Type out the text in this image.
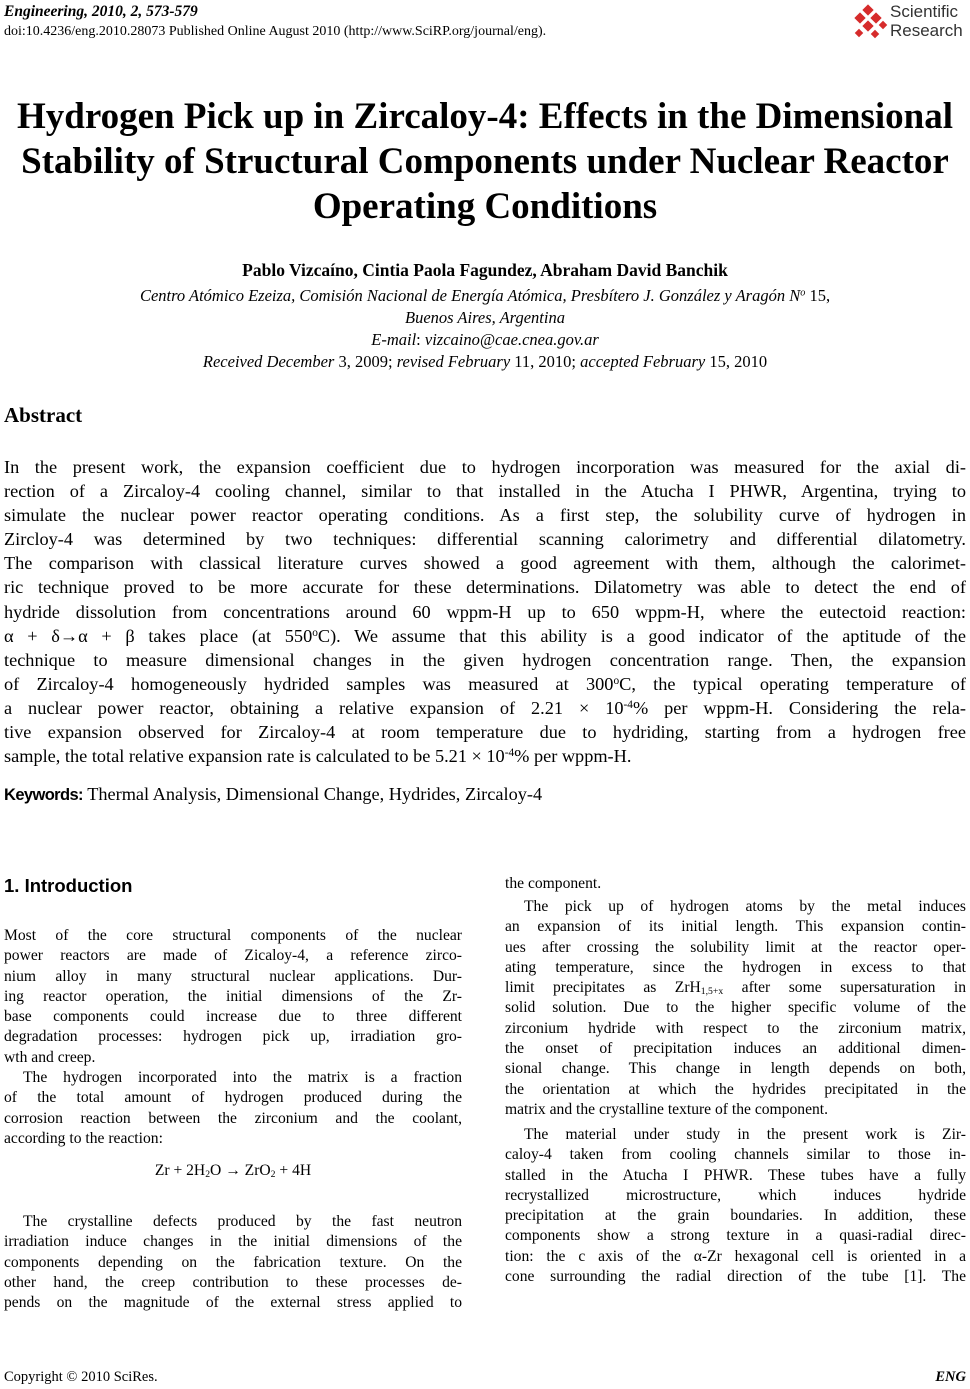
Engineering, 2010, 2, 573-579
doi:10.4236/eng.2010.28073 Published Online August 2010 (http://www.SciRP.org/journal/eng).
Scientific
Research
Hydrogen Pick up in Zircaloy-4: Effects in the Dimensional
Stability of Structural Components under Nuclear Reactor
Operating Conditions
Pablo Vizcaíno, Cintia Paola Fagundez, Abraham David Banchik
Centro Atómico Ezeiza, Comisión Nacional de Energía Atómica, Presbítero J. González y Aragón $N^o$ 15,
Buenos Aires, Argentina
E-mail: vizcaino@cae.cnea.gov.ar
Received December 3, 2009; revised February 11, 2010; accepted February 15, 2010
Abstract
In the present work, the expansion coefficient due to hydrogen incorporation was measured for the axial di-
rection of a Zircaloy-4 cooling channel, similar to that installed in the Atucha I PHWR, Argentina, trying to
simulate the nuclear power reactor operating conditions. As a first step, the solubility curve of hydrogen in
Zircloy-4 was determined by two techniques: differential scanning calorimetry and differential dilatometry.
The comparison with classical literature curves showed a good agreement with them, although the calorimet-
ric technique proved to be more accurate for these determinations. Dilatometry was able to detect the end of
hydride dissolution from concentrations around 60 wppm-H up to 650 wppm-H, where the eutectoid reaction:
α + δ→α + β takes place (at 550$^o$C). We assume that this ability is a good indicator of the aptitude of the
technique to measure dimensional changes in the given hydrogen concentration range. Then, the expansion
of Zircaloy-4 homogeneously hydrided samples was measured at 300$^o$C, the typical operating temperature of
a nuclear power reactor, obtaining a relative expansion of $2.21 \times 10^{-4}\%$ per wppm-H. Considering the rela-
tive expansion observed for Zircaloy-4 at room temperature due to hydriding, starting from a hydrogen free
sample, the total relative expansion rate is calculated to be $5.21 \times 10^{-4}\%$ per wppm-H.
Keywords: Thermal Analysis, Dimensional Change, Hydrides, Zircaloy-4
1. Introduction
Most of the core structural components of the nuclear
power reactors are made of Zicaloy-4, a reference zirco-
nium alloy in many structural nuclear applications. Dur-
ing reactor operation, the initial dimensions of the Zr-
base components could increase due to three different
degradation processes: hydrogen pick up, irradiation gro-
wth and creep.
The hydrogen incorporated into the matrix is a fraction
of the total amount of hydrogen produced during the
corrosion reaction between the zirconium and the coolant,
according to the reaction:
$Zr + 2H_2O \to ZrO_2 + 4H$
The crystalline defects produced by the fast neutron
irradiation induce changes in the initial dimensions of the
components depending on the fabrication texture. On the
other hand, the creep contribution to these processes de-
pends on the magnitude of the external stress applied to
the component.
The pick up of hydrogen atoms by the metal induces
an expansion of its initial length. This expansion contin-
ues after crossing the solubility limit at the reactor oper-
ating temperature, since the hydrogen in excess to that
limit precipitates as ZrH$_{1,5+x}$ after some supersaturation in
solid solution. Due to the higher specific volume of the
zirconium hydride with respect to the zirconium matrix,
the onset of precipitation induces an additional dimen-
sional change. This change in length depends on both,
the orientation at which the hydrides precipitated in the
matrix and the crystalline texture of the component.
The material under study in the present work is Zir-
caloy-4 taken from cooling channels similar to those in-
stalled in the Atucha I PHWR. These tubes have a fully
recrystallized microstructure, which induces hydride
precipitation at the grain boundaries. In addition, these
components show a strong texture in a quasi-radial direc-
tion: the c axis of the α-Zr hexagonal cell is oriented in a
cone surrounding the radial direction of the tube [1]. The
Copyright © 2010 SciRes.	ENG
